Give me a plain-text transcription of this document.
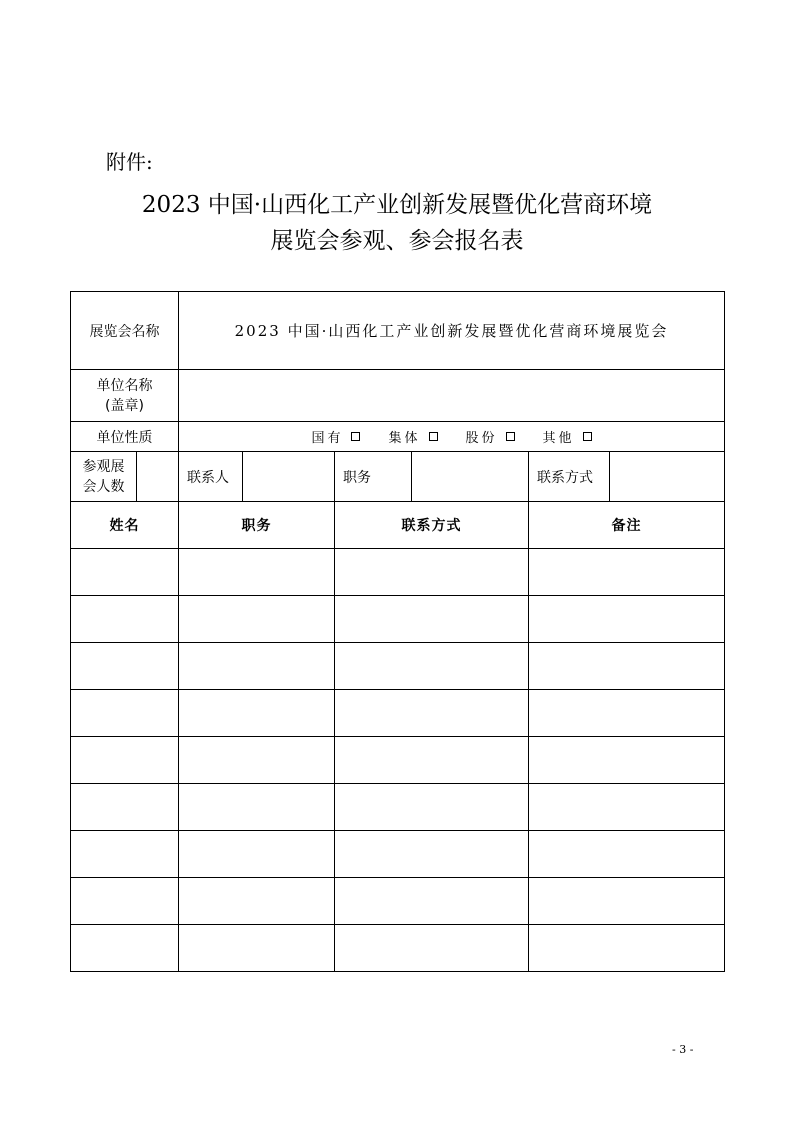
附件:
2023 中国·山西化工产业创新发展暨优化营商环境
展览会参观、参会报名表
展览会名称		2023 中国·山西化工产业创新发展暨优化营商环境展览会					

单位名称
(盖章)							

单位性质		国有 集体 股份 其他					

参观展
会人数		联系人		职务		联系方式	
姓名		职务		联系方式		备注	

- 3 -
